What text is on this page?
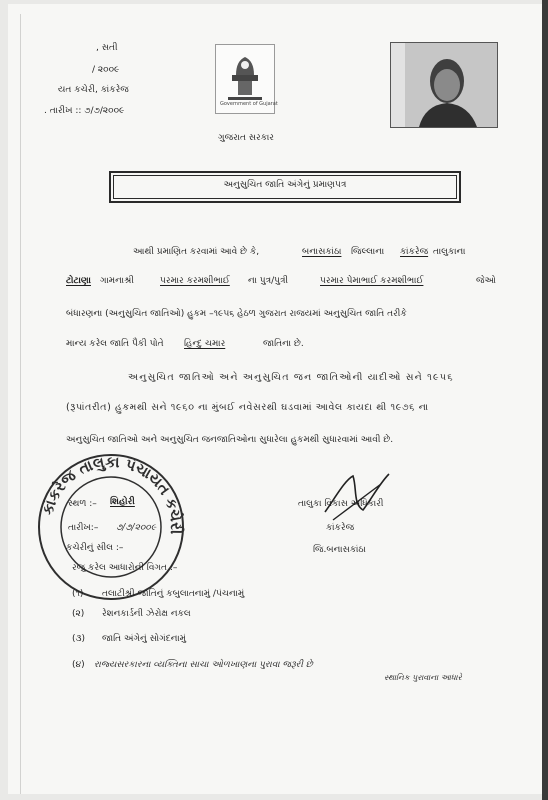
, સતી
/ ૨૦૦૯
યત કચેરી, કાંકરેજ
. તારીખ :: ૭/૭/૨૦૦૯
Government of Gujarat
ગુજરાત સરકાર
અનુસુચિત જાતિ અંગેનું પ્રમાણપત્ર
આથી પ્રમાણિત કરવામાં આવે છે કે,	બનાસકાંઠા જિલ્લાના કાંકરેજ તાલુકાના
ટોટાણા ગામનાશ્રી	પરમાર કરમશીભાઈ ના પુત્ર/પુત્રી	પરમાર પેમાભાઈ કરમશીભાઈ	જેઓ
બંધારણના (અનુસુચિત જાતિઓ) હુકમ –૧૯૫૬ હેઠળ ગુજરાત રાજયમાં અનુસુચિત જાતિ તરીકે
માન્ય કરેલ જાતિ પૈકી પોતે હિન્દુ ચમાર	જાતિના છે.
અનુસુચિત જાતિઓ અને અનુસુચિત જન જાતિઓની યાદીઓ સને ૧૯૫૬
(રૂપાંતરીત) હુકમથી સને ૧૯૬૦ ના મુંબઈ નવેસરથી ઘડવામાં આવેલ કાયદા થી ૧૯૭૬ ના
અનુસુચિત જાતિઓ અને અનુસુચિત જનજાતિઓના સુધારેલા હુકમથી સુધારવામાં આવી છે.
કાંકરેજ તાલુકા પંચાયત કચેરી
સ્થળ :– શિહોરી
તારીખ:– ૭/૭/૨૦૦૯
કચેરીનું સીલ :–
તાલુકા વિકાસ અધિકારી
કાંકરેજ
જિ.બનાસકાંઠા
રજુ કરેલ આધારોની વિગત :–
(૧) તલાટીશ્રી જાતિનું કબુલાતનામું /પંચનામું
(૨) રેશનકાર્ડની ઝેરોક્ષ નકલ
(૩) જાતિ અંગેનું સોગંદનામું
(૪) રાજ્યસરકારના વ્યક્તિના સાચા ઓળખાણના પુરાવા જરૂરી છે
સ્થાનિક પુરાવાના આધારે
